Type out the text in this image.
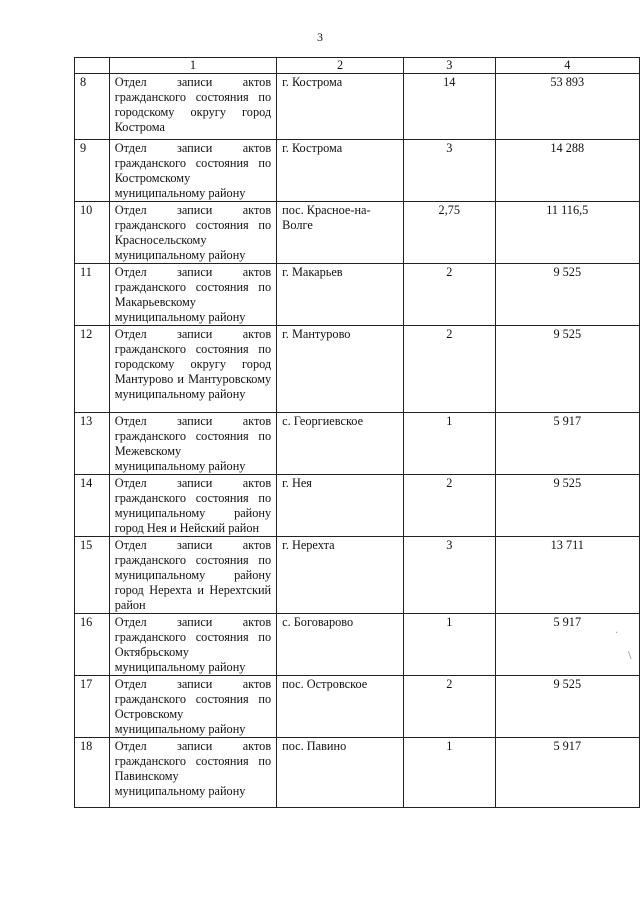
3
	1	2	3	4
8	Отдел записи актов гражданского состояния по городскому округу город Кострома	г. Кострома	14	53 893
9	Отдел записи актов гражданского состояния по Костромскому муниципальному району	г. Кострома	3	14 288
10	Отдел записи актов гражданского состояния по Красносельскому муниципальному району	пос. Красное-на-Волге	2,75	11 116,5
11	Отдел записи актов гражданского состояния по Макарьевскому муниципальному району	г. Макарьев	2	9 525
12	Отдел записи актов гражданского состояния по городскому округу город Мантурово и Мантуровскому муниципальному району	г. Мантурово	2	9 525
13	Отдел записи актов гражданского состояния по Межевскому муниципальному району	с. Георгиевское	1	5 917
14	Отдел записи актов гражданского состояния по муниципальному району город Нея и Нейский район	г. Нея	2	9 525
15	Отдел записи актов гражданского состояния по муниципальному району город Нерехта и Нерехтский район	г. Нерехта	3	13 711
16	Отдел записи актов гражданского состояния по Октябрьскому муниципальному району	с. Боговарово	1	5 917
17	Отдел записи актов гражданского состояния по Островскому муниципальному району	пос. Островское	2	9 525
18	Отдел записи актов гражданского состояния по Павинскому муниципальному району	пос. Павино	1	5 917
·
\
